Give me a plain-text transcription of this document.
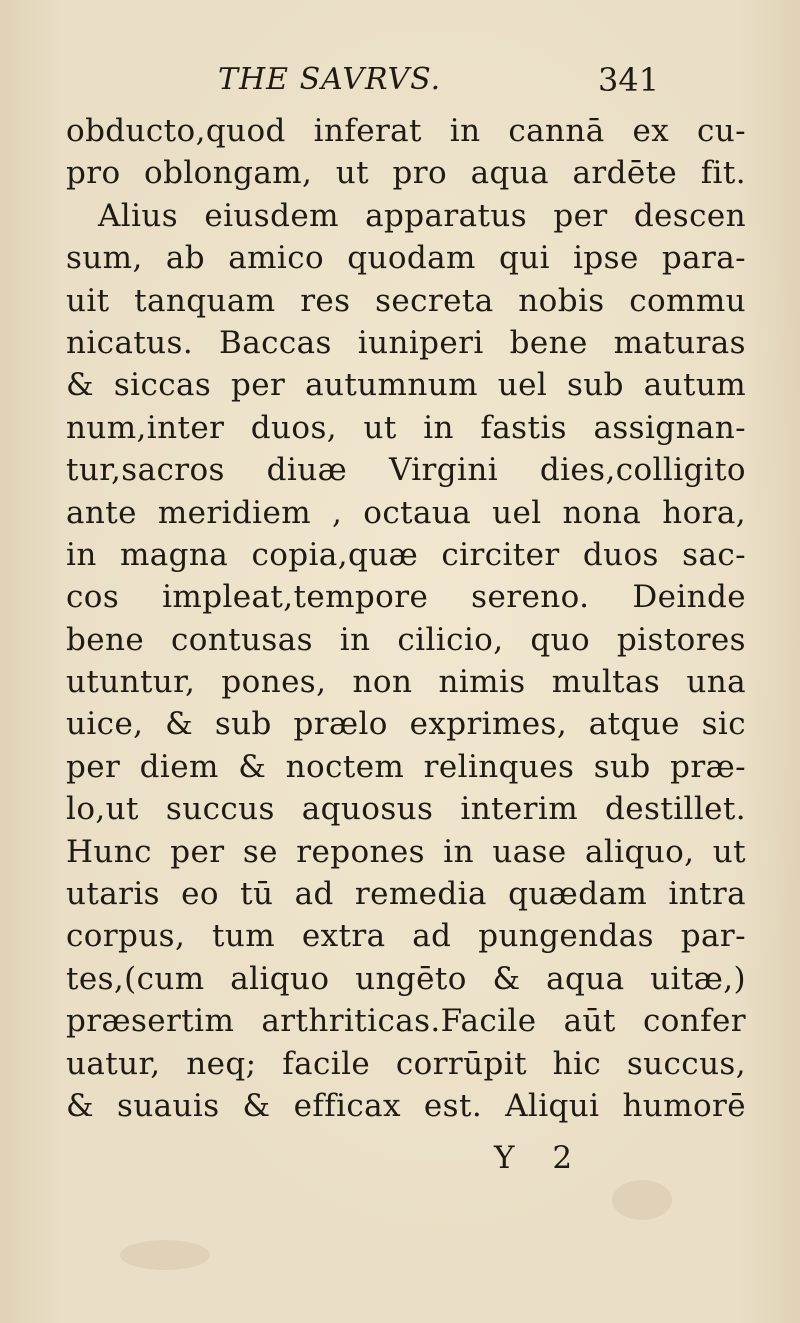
THE SAVRVS.	341
obducto,quod inferat in cannā ex cu-
pro oblongam, ut pro aqua ardēte fit.
Alius eiusdem apparatus per descen
sum, ab amico quodam qui ipse para-
uit tanquam res secreta nobis commu
nicatus. Baccas iuniperi bene maturas
& siccas per autumnum uel sub autum
num,inter duos, ut in fastis assignan-
tur,sacros diuæ Virgini dies,colligito
ante meridiem , octaua uel nona hora,
in magna copia,quæ circiter duos sac-
cos impleat,tempore sereno. Deinde
bene contusas in cilicio, quo pistores
utuntur, pones, non nimis multas una
uice, & sub prælo exprimes, atque sic
per diem & noctem relinques sub præ-
lo,ut succus aquosus interim destillet.
Hunc per se repones in uase aliquo, ut
utaris eo tū ad remedia quædam intra
corpus, tum extra ad pungendas par-
tes,(cum aliquo ungēto & aqua uitæ,)
præsertim arthriticas.Facile aūt confer
uatur, neq; facile corrūpit hic succus,
& suauis & efficax est. Aliqui humorē
Y 2
